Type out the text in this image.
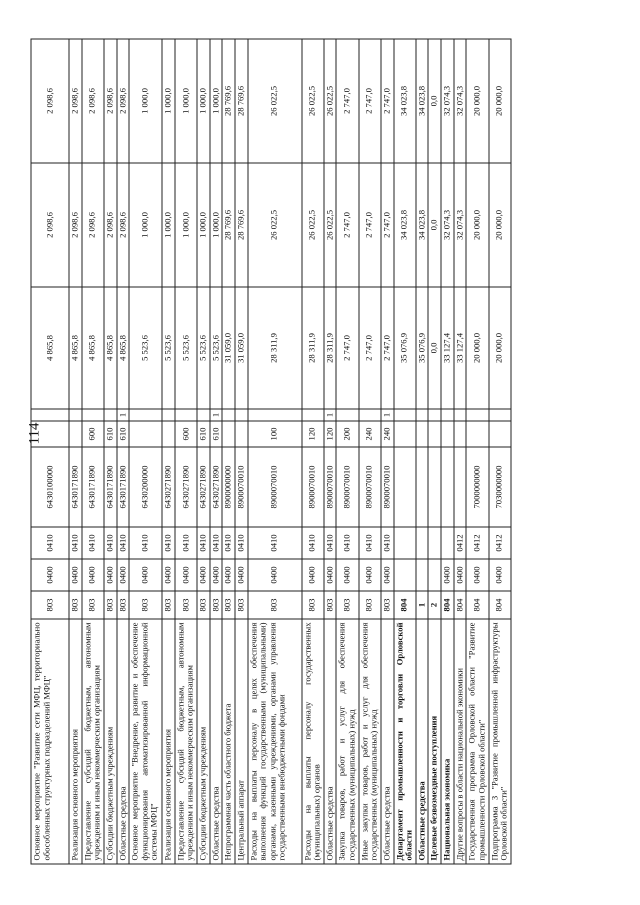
114
Основное мероприятие "Развитие сети МФЦ, территориально обособленных структурных подразделений МФЦ"	803	0400	0410	6430100000			4 865,8	2 098,6	2 098,6
Реализация основного мероприятия	803	0400	0410	6430171890			4 865,8	2 098,6	2 098,6
Предоставление субсидий бюджетным, автономным учреждениям и иным некоммерческим организациям	803	0400	0410	6430171890	600		4 865,8	2 098,6	2 098,6
Субсидии бюджетным учреждениям	803	0400	0410	6430171890	610		4 865,8	2 098,6	2 098,6
Областные средства	803	0400	0410	6430171890	610	1	4 865,8	2 098,6	2 098,6
Основное мероприятие "Внедрение, развитие и обеспечение функционирования автоматизированной информационной системы МФЦ"	803	0400	0410	6430200000			5 523,6	1 000,0	1 000,0
Реализация основного мероприятия	803	0400	0410	6430271890			5 523,6	1 000,0	1 000,0
Предоставление субсидий бюджетным, автономным учреждениям и иным некоммерческим организациям	803	0400	0410	6430271890	600		5 523,6	1 000,0	1 000,0
Субсидии бюджетным учреждениям	803	0400	0410	6430271890	610		5 523,6	1 000,0	1 000,0
Областные средства	803	0400	0410	6430271890	610	1	5 523,6	1 000,0	1 000,0
Непрограммная часть областного бюджета	803	0400	0410	8900000000			31 059,0	28 769,6	28 769,6
Центральный аппарат	803	0400	0410	8900070010			31 059,0	28 769,6	28 769,6
Расходы на выплаты персоналу в целях обеспечения выполнения функций государственными (муниципальными) органами, казенными учреждениями, органами управления государственными внебюджетными фондами	803	0400	0410	8900070010	100		28 311,9	26 022,5	26 022,5
Расходы на выплаты персоналу государственных (муниципальных) органов	803	0400	0410	8900070010	120		28 311,9	26 022,5	26 022,5
Областные средства	803	0400	0410	8900070010	120	1	28 311,9	26 022,5	26 022,5
Закупка товаров, работ и услуг для обеспечения государственных (муниципальных) нужд	803	0400	0410	8900070010	200		2 747,0	2 747,0	2 747,0
Иные закупки товаров, работ и услуг для обеспечения государственных (муниципальных) нужд	803	0400	0410	8900070010	240		2 747,0	2 747,0	2 747,0
Областные средства	803	0400	0410	8900070010	240	1	2 747,0	2 747,0	2 747,0
Департамент промышленности и торговли Орловской области	804						35 076,9	34 023,8	34 023,8
Областные средства	1						35 076,9	34 023,8	34 023,8
Целевые безвозмездные поступления	2						0,0	0,0	0,0
Национальная экономика	804	0400					33 127,4	32 074,3	32 074,3
Другие вопросы в области национальной экономики	804	0400	0412				33 127,4	32 074,3	32 074,3
Государственная программа Орловской области "Развитие промышленности Орловской области"	804	0400	0412	7000000000			20 000,0	20 000,0	20 000,0
Подпрограмма 3 "Развитие промышленной инфраструктуры Орловской области"	804	0400	0412	7030000000			20 000,0	20 000,0	20 000,0
